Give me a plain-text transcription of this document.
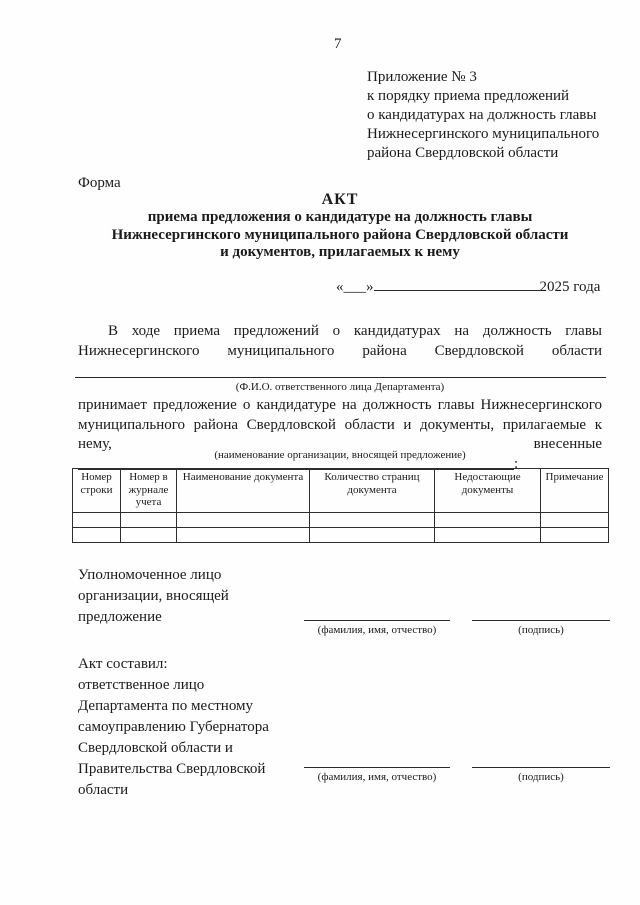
7
Приложение № 3
к порядку приема предложений
о кандидатурах на должность главы
Нижнесергинского муниципального
района Свердловской области
Форма
АКТ
приема предложения о кандидатуре на должность главы
Нижнесергинского муниципального района Свердловской области
и документов, прилагаемых к нему
«___»	2025 года

В ходе приема предложений о кандидатурах на должность главы Нижнесергинского муниципального района Свердловской области

(Ф.И.О. ответственного лица Департамента)

принимает предложение о кандидатуре на должность главы Нижнесергинского муниципального района Свердловской области и документы, прилагаемые к нему, внесенные :

(наименование организации, вносящей предложение)
Номер строки	Номер в журнале учета	Наименование документа	Количество страниц документа	Недостающие документы	Примечание

Уполномоченное лицо
организации, вносящей
предложение
(фамилия, имя, отчество)	(подпись)
Акт составил:
ответственное лицо
Департамента по местному
самоуправлению Губернатора
Свердловской области и
Правительства Свердловской
области
(фамилия, имя, отчество)	(подпись)
